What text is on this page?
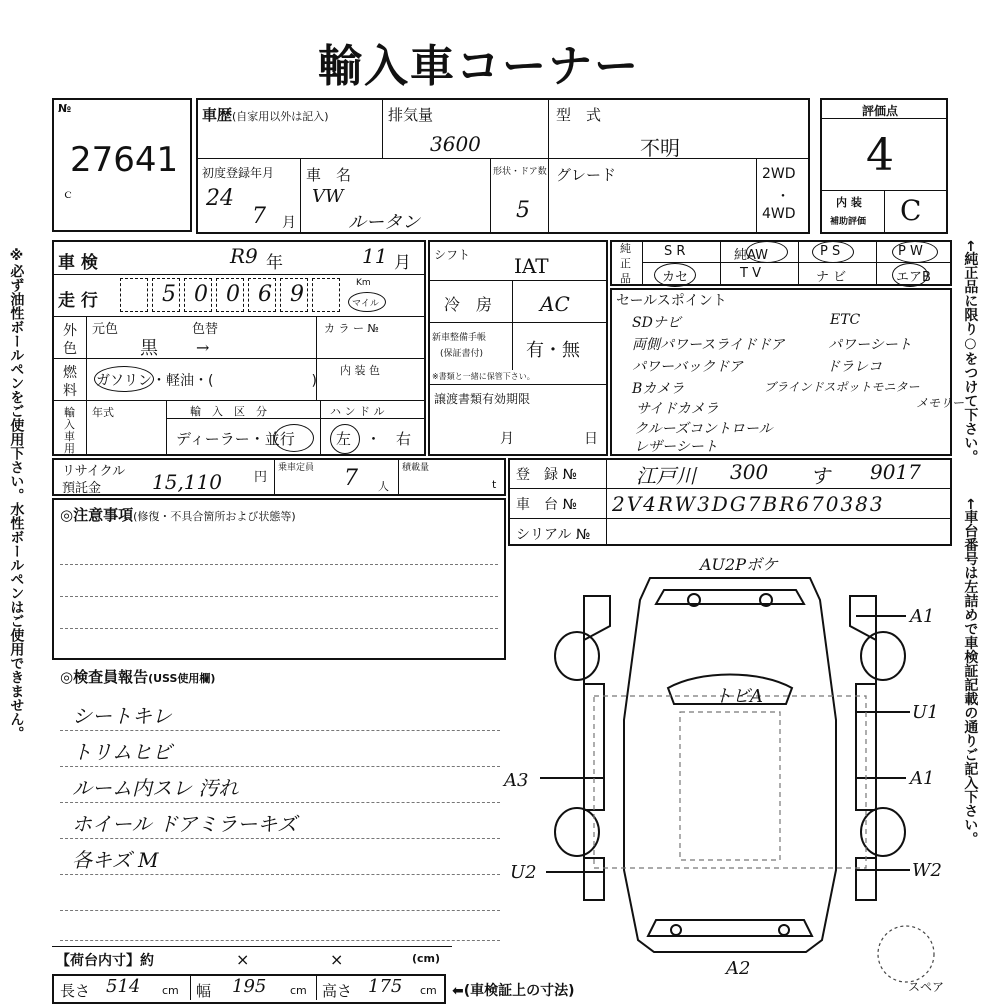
輸入車コーナー
※必ず油性ボールペンをご使用下さい。水性ボールペンはご使用できません。	←純正品に限り○をつけて下さい。
←車台番号は左詰めで車検証記載の通りご記入下さい。
№
27641
ｃ
車歴(自家用以外は記入)	排気量
3600
型　式
不明
初度登録年月
24
7 月
車　名
VW
ルータン
形状・ドア数
5
グレード	2WD
・
4WD
評価点
4
内 装
補助評価 C
車 検	R9 年	11 月
走 行	5 0 0 6 9	Km
マイル
外
色
元色
黒
色替
→
カ ラ ー №
燃
料
ガソリン・軽油・(　　　　　　　)
内 装 色
輸
入
車
用
年式	輸　入　区　分
ディーラー・並行
ハ ン ド ル
左　・　右
シフト IAT
冷　房 AC
新車整備手帳
(保証書付) 有・無
※書類と一緒に保管下さい。
譲渡書類有効期限
月	日
純
正
品
S R	純AW	P S	P W
カセ	T V	ナ ビ	エアB
セールスポイント
SDナビ
両側パワースライドドア
パワーバックドア
Bカメラ
サイドカメラ
クルーズコントロール
レザーシート
ETC
パワーシート
ドラレコ
ブラインドスポットモニター
メモリー
リサイクル
預託金	15,110 円
乗車定員 7 人
積載量
t
登　録 №	江戸川 300 す 9017
車　台 № 2V4RW3DG7BR670383
シリアル №
◎注意事項(修復・不具合箇所および状態等)
◎検査員報告(USS使用欄)
シートキレ
トリムヒビ
ルーム内スレ 汚れ
ホイール ドアミラーキズ
各キズ M
AU2Pボケ
トビA
A1
U1
A1
W2
A3
U2
A2
スペア
【荷台内寸】約	×	×	(cm)
長さ 514 cm 幅 195 cm 高さ 175 cm ⬅(車検証上の寸法)
